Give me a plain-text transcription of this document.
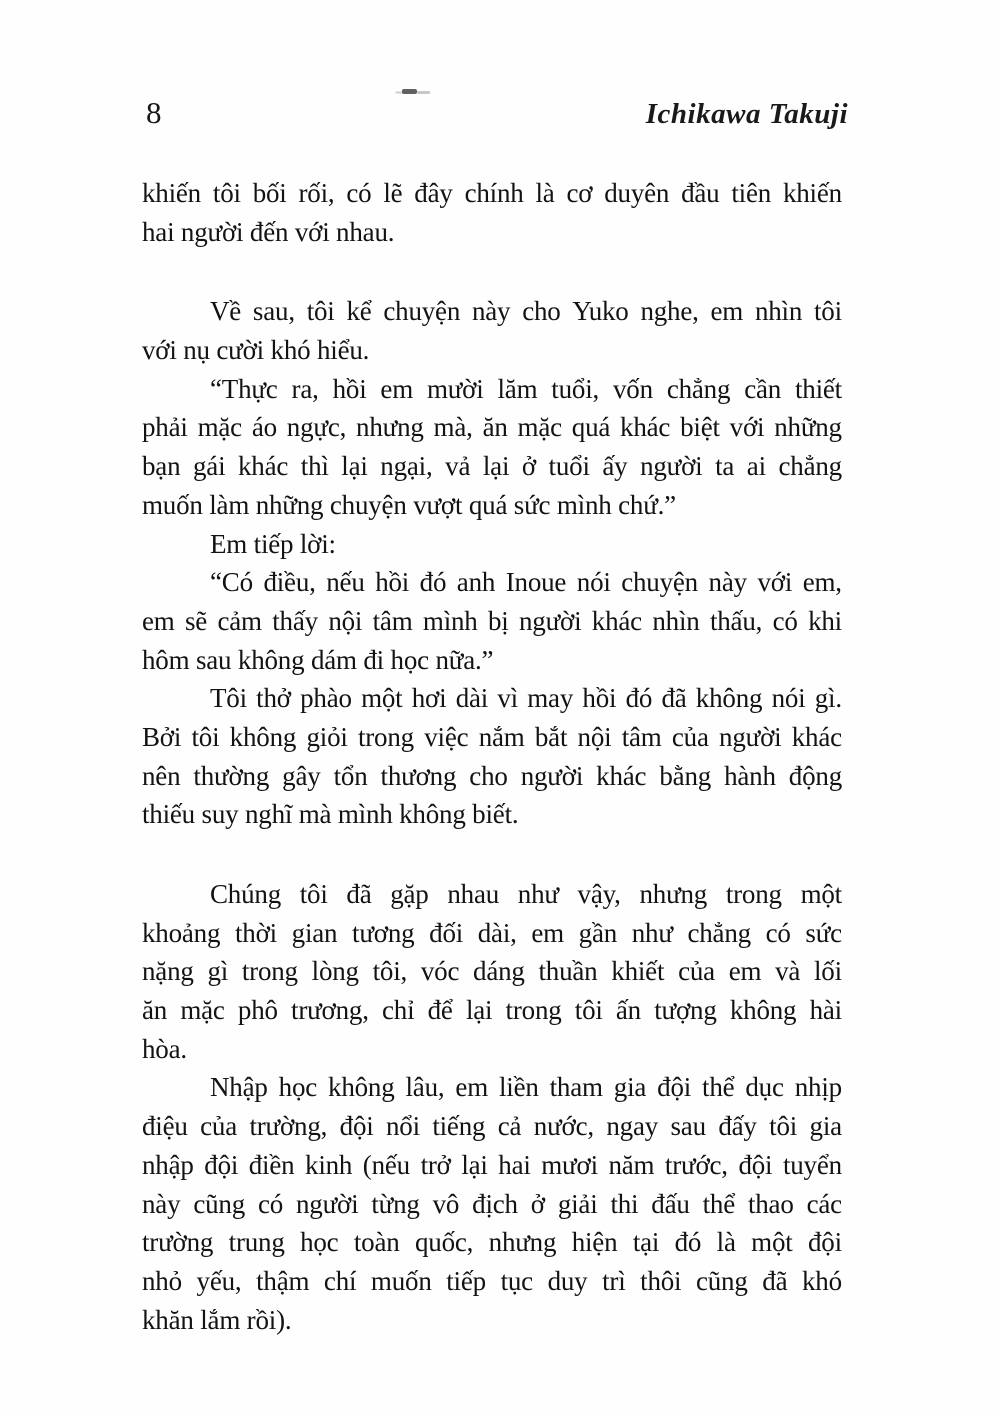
8	Ichikawa Takuji
khiến tôi bối rối, có lẽ đây chính là cơ duyên đầu tiên khiến
hai người đến với nhau.
Về sau, tôi kể chuyện này cho Yuko nghe, em nhìn tôi
với nụ cười khó hiểu.
“Thực ra, hồi em mười lăm tuổi, vốn chẳng cần thiết
phải mặc áo ngực, nhưng mà, ăn mặc quá khác biệt với những
bạn gái khác thì lại ngại, vả lại ở tuổi ấy người ta ai chẳng
muốn làm những chuyện vượt quá sức mình chứ.”
Em tiếp lời:
“Có điều, nếu hồi đó anh Inoue nói chuyện này với em,
em sẽ cảm thấy nội tâm mình bị người khác nhìn thấu, có khi
hôm sau không dám đi học nữa.”
Tôi thở phào một hơi dài vì may hồi đó đã không nói gì.
Bởi tôi không giỏi trong việc nắm bắt nội tâm của người khác
nên thường gây tổn thương cho người khác bằng hành động
thiếu suy nghĩ mà mình không biết.
Chúng tôi đã gặp nhau như vậy, nhưng trong một
khoảng thời gian tương đối dài, em gần như chẳng có sức
nặng gì trong lòng tôi, vóc dáng thuần khiết của em và lối
ăn mặc phô trương, chỉ để lại trong tôi ấn tượng không hài
hòa.
Nhập học không lâu, em liền tham gia đội thể dục nhịp
điệu của trường, đội nổi tiếng cả nước, ngay sau đấy tôi gia
nhập đội điền kinh (nếu trở lại hai mươi năm trước, đội tuyển
này cũng có người từng vô địch ở giải thi đấu thể thao các
trường trung học toàn quốc, nhưng hiện tại đó là một đội
nhỏ yếu, thậm chí muốn tiếp tục duy trì thôi cũng đã khó
khăn lắm rồi).
